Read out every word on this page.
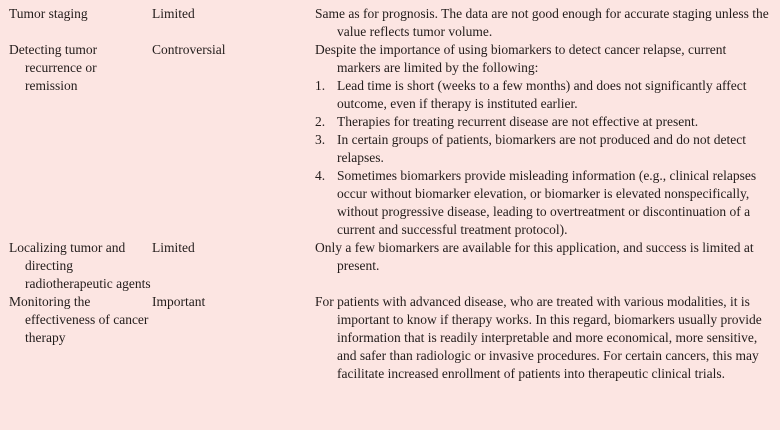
Tumor staging	Limited	Same as for prognosis. The data are not good enough for accurate staging unless the value reflects tumor volume.

Detecting tumor recurrence or remission	Controversial	Despite the importance of using biomarkers to detect cancer relapse, current markers are limited by the following:
1. Lead time is short (weeks to a few months) and does not significantly affect outcome, even if therapy is instituted earlier.
2. Therapies for treating recurrent disease are not effective at present.
3. In certain groups of patients, biomarkers are not produced and do not detect relapses.
4. Sometimes biomarkers provide misleading information (e.g., clinical relapses occur without biomarker elevation, or biomarker is elevated nonspecifically, without progressive disease, leading to overtreatment or discontinuation of a current and successful treatment protocol).

Localizing tumor and directing radiotherapeutic agents	Limited	Only a few biomarkers are available for this application, and success is limited at present.

Monitoring the effectiveness of cancer therapy	Important	For patients with advanced disease, who are treated with various modalities, it is important to know if therapy works. In this regard, biomarkers usually provide information that is readily interpretable and more economical, more sensitive, and safer than radiologic or invasive procedures. For certain cancers, this may facilitate increased enrollment of patients into therapeutic clinical trials.
